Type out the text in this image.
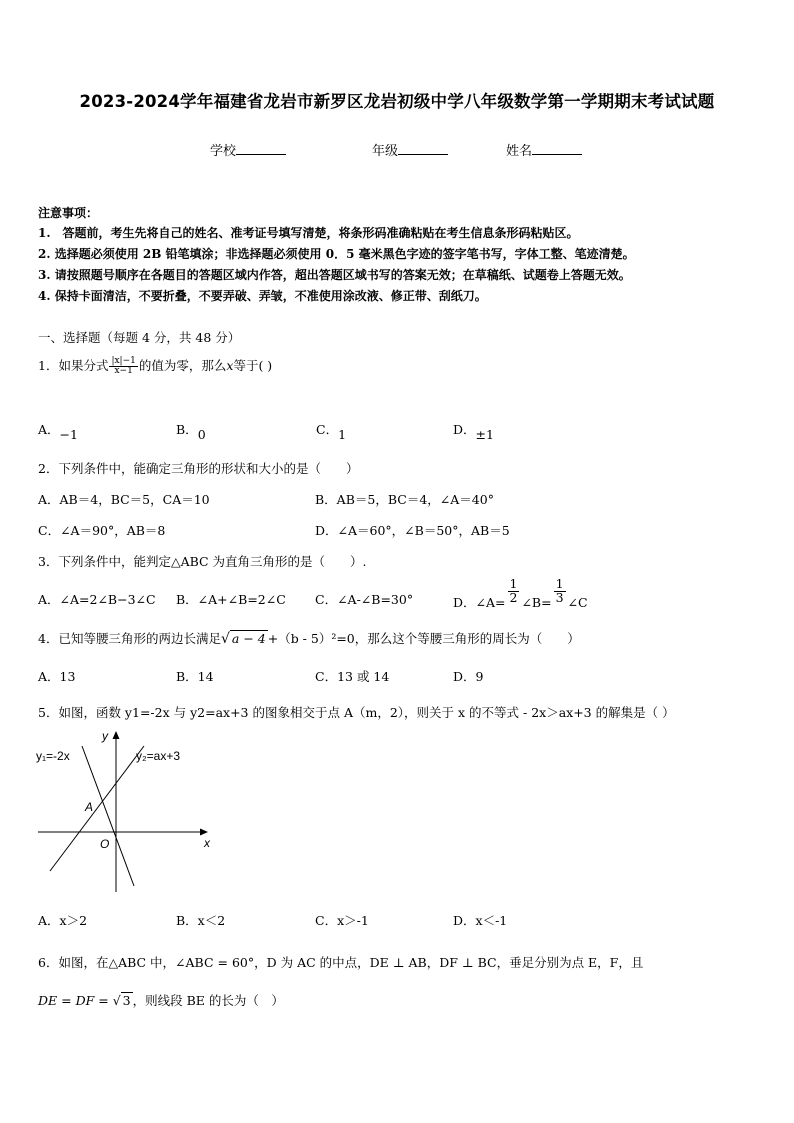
2023-2024学年福建省龙岩市新罗区龙岩初级中学八年级数学第一学期期末考试试题
学校	年级	姓名
注意事项：
1.　答题前，考生先将自己的姓名、准考证号填写清楚，将条形码准确粘贴在考生信息条形码粘贴区。
2. 选择题必须使用 2B 铅笔填涂；非选择题必须使用 0．5 毫米黑色字迹的签字笔书写，字体工整、笔迹清楚。
3. 请按照题号顺序在各题目的答题区域内作答，超出答题区域书写的答案无效；在草稿纸、试题卷上答题无效。
4. 保持卡面清洁，不要折叠，不要弄破、弄皱，不准使用涂改液、修正带、刮纸刀。
一、选择题（每题 4 分，共 48 分）
1．如果分式 $\frac{|x|-1}{x-1}$ 的值为零，那么x等于( )
A．−1	B．0	C．1	D．±1
2．下列条件中，能确定三角形的形状和大小的是（　　）
A．AB＝4，BC＝5，CA＝10	B．AB＝5，BC＝4，∠A＝40°
C．∠A＝90°，AB＝8	D．∠A＝60°，∠B＝50°，AB＝5
3．下列条件中，能判定△ABC 为直角三角形的是（　　）.
A．∠A=2∠B−3∠C B．∠A+∠B=2∠C C．∠A-∠B=30°	D．∠A= $\frac{1}{2}$ ∠B= $\frac{1}{3}$ ∠C
4．已知等腰三角形的两边长满足√ a − 4 +（b - 5）²=0，那么这个等腰三角形的周长为（　　）
A．13	B．14	C．13 或 14	D．9
5．如图，函数 y1=-2x 与 y2=ax+3 的图象相交于点 A（m，2），则关于 x 的不等式 - 2x＞ax+3 的解集是（ ）
y₁=-2x	y₂=ax+3
A
O	x
y
A．x＞2	B．x＜2	C．x＞-1	D．x＜-1
6．如图，在△ABC 中，∠ABC = 60°，D 为 AC 的中点，DE ⊥ AB，DF ⊥ BC，垂足分别为点 E，F，且
DE = DF = √ 3 ，则线段 BE 的长为（　）
